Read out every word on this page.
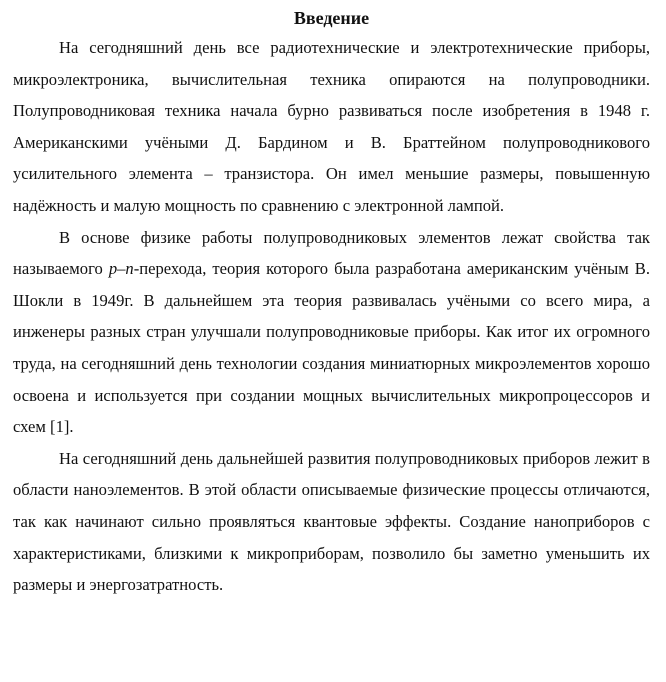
Введение

На сегодняшний день все радиотехнические и электротехнические приборы, микроэлектроника, вычислительная техника опираются на полупроводники. Полупроводниковая техника начала бурно развиваться после изобретения в 1948 г. Американскими учёными Д. Бардином и В. Браттейном полупроводникового усилительного элемента – транзистора. Он имел меньшие размеры, повышенную надёжность и малую мощность по сравнению с электронной лампой.

В основе физике работы полупроводниковых элементов лежат свойства так называемого p–n-перехода, теория которого была разработана американским учёным В. Шокли в 1949г. В дальнейшем эта теория развивалась учёными со всего мира, а инженеры разных стран улучшали полупроводниковые приборы. Как итог их огромного труда, на сегодняшний день технологии создания миниатюрных микроэлементов хорошо освоена и используется при создании мощных вычислительных микропроцессоров и схем [1].

На сегодняшний день дальнейшей развития полупроводниковых приборов лежит в области наноэлементов. В этой области описываемые физические процессы отличаются, так как начинают сильно проявляться квантовые эффекты. Создание наноприборов с характеристиками, близкими к микроприборам, позволило бы заметно уменьшить их размеры и энергозатратность.
